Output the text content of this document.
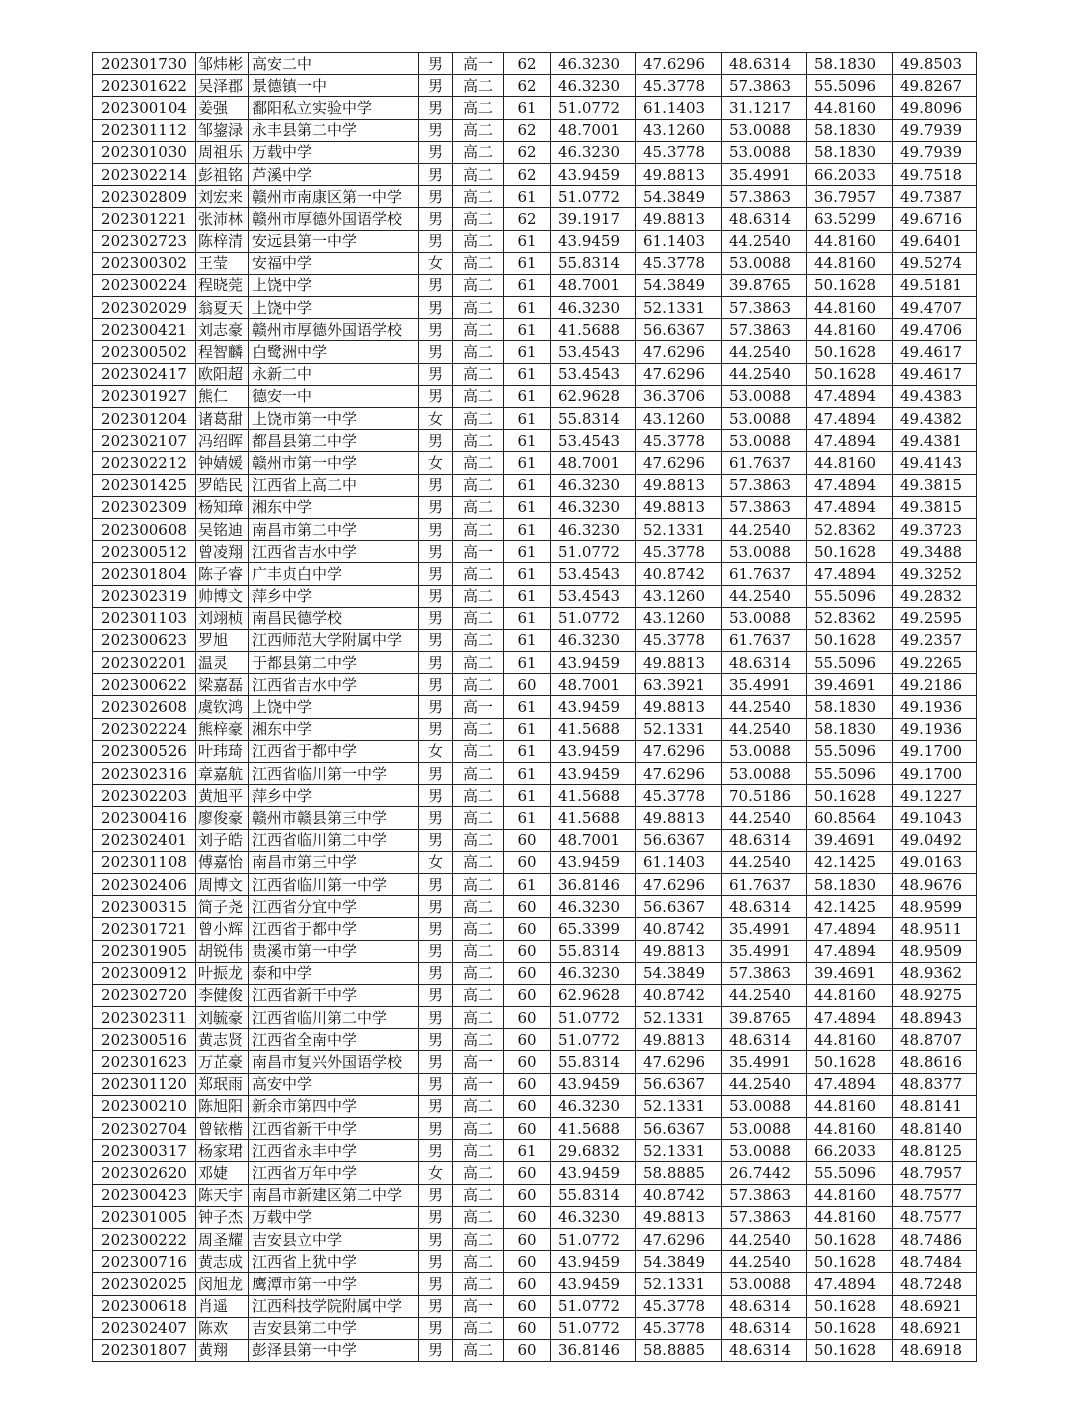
202301730	邹炜彬	高安二中	男	高一	62	46.3230	47.6296	48.6314	58.1830	49.8503
202301622	吴泽郡	景德镇一中	男	高二	62	46.3230	45.3778	57.3863	55.5096	49.8267
202300104	姜强	鄱阳私立实验中学	男	高二	61	51.0772	61.1403	31.1217	44.8160	49.8096
202301112	邹鋆渌	永丰县第二中学	男	高二	62	48.7001	43.1260	53.0088	58.1830	49.7939
202301030	周祖乐	万载中学	男	高二	62	46.3230	45.3778	53.0088	58.1830	49.7939
202302214	彭祖铭	芦溪中学	男	高二	62	43.9459	49.8813	35.4991	66.2033	49.7518
202302809	刘宏来	赣州市南康区第一中学	男	高二	61	51.0772	54.3849	57.3863	36.7957	49.7387
202301221	张沛林	赣州市厚德外国语学校	男	高二	62	39.1917	49.8813	48.6314	63.5299	49.6716
202302723	陈梓清	安远县第一中学	男	高二	61	43.9459	61.1403	44.2540	44.8160	49.6401
202300302	王莹	安福中学	女	高二	61	55.8314	45.3778	53.0088	44.8160	49.5274
202300224	程晓莞	上饶中学	男	高二	61	48.7001	54.3849	39.8765	50.1628	49.5181
202302029	翁夏天	上饶中学	男	高二	61	46.3230	52.1331	57.3863	44.8160	49.4707
202300421	刘志豪	赣州市厚德外国语学校	男	高二	61	41.5688	56.6367	57.3863	44.8160	49.4706
202300502	程智麟	白鹭洲中学	男	高二	61	53.4543	47.6296	44.2540	50.1628	49.4617
202302417	欧阳超	永新二中	男	高二	61	53.4543	47.6296	44.2540	50.1628	49.4617
202301927	熊仁	德安一中	男	高二	61	62.9628	36.3706	53.0088	47.4894	49.4383
202301204	诸葛甜	上饶市第一中学	女	高二	61	55.8314	43.1260	53.0088	47.4894	49.4382
202302107	冯绍晖	都昌县第二中学	男	高二	61	53.4543	45.3778	53.0088	47.4894	49.4381
202302212	钟婧媛	赣州市第一中学	女	高二	61	48.7001	47.6296	61.7637	44.8160	49.4143
202301425	罗皓民	江西省上高二中	男	高二	61	46.3230	49.8813	57.3863	47.4894	49.3815
202302309	杨知璋	湘东中学	男	高二	61	46.3230	49.8813	57.3863	47.4894	49.3815
202300608	吴铭迪	南昌市第二中学	男	高二	61	46.3230	52.1331	44.2540	52.8362	49.3723
202300512	曾凌翔	江西省吉水中学	男	高一	61	51.0772	45.3778	53.0088	50.1628	49.3488
202301804	陈子睿	广丰贞白中学	男	高二	61	53.4543	40.8742	61.7637	47.4894	49.3252
202302319	帅博文	萍乡中学	男	高二	61	53.4543	43.1260	44.2540	55.5096	49.2832
202301103	刘翊桢	南昌民德学校	男	高二	61	51.0772	43.1260	53.0088	52.8362	49.2595
202300623	罗旭	江西师范大学附属中学	男	高二	61	46.3230	45.3778	61.7637	50.1628	49.2357
202302201	温灵	于都县第二中学	男	高二	61	43.9459	49.8813	48.6314	55.5096	49.2265
202300622	梁嘉磊	江西省吉水中学	男	高二	60	48.7001	63.3921	35.4991	39.4691	49.2186
202302608	虞钦鸿	上饶中学	男	高一	61	43.9459	49.8813	44.2540	58.1830	49.1936
202302224	熊梓豪	湘东中学	男	高二	61	41.5688	52.1331	44.2540	58.1830	49.1936
202300526	叶玮琦	江西省于都中学	女	高二	61	43.9459	47.6296	53.0088	55.5096	49.1700
202302316	章嘉航	江西省临川第一中学	男	高二	61	43.9459	47.6296	53.0088	55.5096	49.1700
202302203	黄旭平	萍乡中学	男	高二	61	41.5688	45.3778	70.5186	50.1628	49.1227
202300416	廖俊豪	赣州市赣县第三中学	男	高二	61	41.5688	49.8813	44.2540	60.8564	49.1043
202302401	刘子皓	江西省临川第二中学	男	高二	60	48.7001	56.6367	48.6314	39.4691	49.0492
202301108	傅嘉怡	南昌市第三中学	女	高二	60	43.9459	61.1403	44.2540	42.1425	49.0163
202302406	周博文	江西省临川第一中学	男	高二	61	36.8146	47.6296	61.7637	58.1830	48.9676
202300315	简子尧	江西省分宜中学	男	高二	60	46.3230	56.6367	48.6314	42.1425	48.9599
202301721	曾小辉	江西省于都中学	男	高二	60	65.3399	40.8742	35.4991	47.4894	48.9511
202301905	胡锐伟	贵溪市第一中学	男	高二	60	55.8314	49.8813	35.4991	47.4894	48.9509
202300912	叶振龙	泰和中学	男	高二	60	46.3230	54.3849	57.3863	39.4691	48.9362
202302720	李健俊	江西省新干中学	男	高二	60	62.9628	40.8742	44.2540	44.8160	48.9275
202302311	刘毓豪	江西省临川第二中学	男	高二	60	51.0772	52.1331	39.8765	47.4894	48.8943
202300516	黄志贤	江西省全南中学	男	高二	60	51.0772	49.8813	48.6314	44.8160	48.8707
202301623	万芷豪	南昌市复兴外国语学校	男	高一	60	55.8314	47.6296	35.4991	50.1628	48.8616
202301120	郑珉雨	高安中学	男	高一	60	43.9459	56.6367	44.2540	47.4894	48.8377
202300210	陈旭阳	新余市第四中学	男	高二	60	46.3230	52.1331	53.0088	44.8160	48.8141
202302704	曾铱楷	江西省新干中学	男	高二	60	41.5688	56.6367	53.0088	44.8160	48.8140
202300317	杨家珺	江西省永丰中学	男	高二	61	29.6832	52.1331	53.0088	66.2033	48.8125
202302620	邓婕	江西省万年中学	女	高二	60	43.9459	58.8885	26.7442	55.5096	48.7957
202300423	陈天宇	南昌市新建区第二中学	男	高二	60	55.8314	40.8742	57.3863	44.8160	48.7577
202301005	钟子杰	万载中学	男	高二	60	46.3230	49.8813	57.3863	44.8160	48.7577
202300222	周圣耀	吉安县立中学	男	高二	60	51.0772	47.6296	44.2540	50.1628	48.7486
202300716	黄志成	江西省上犹中学	男	高二	60	43.9459	54.3849	44.2540	50.1628	48.7484
202302025	闵旭龙	鹰潭市第一中学	男	高二	60	43.9459	52.1331	53.0088	47.4894	48.7248
202300618	肖遥	江西科技学院附属中学	男	高一	60	51.0772	45.3778	48.6314	50.1628	48.6921
202302407	陈欢	吉安县第二中学	男	高二	60	51.0772	45.3778	48.6314	50.1628	48.6921
202301807	黄翔	彭泽县第一中学	男	高二	60	36.8146	58.8885	48.6314	50.1628	48.6918
